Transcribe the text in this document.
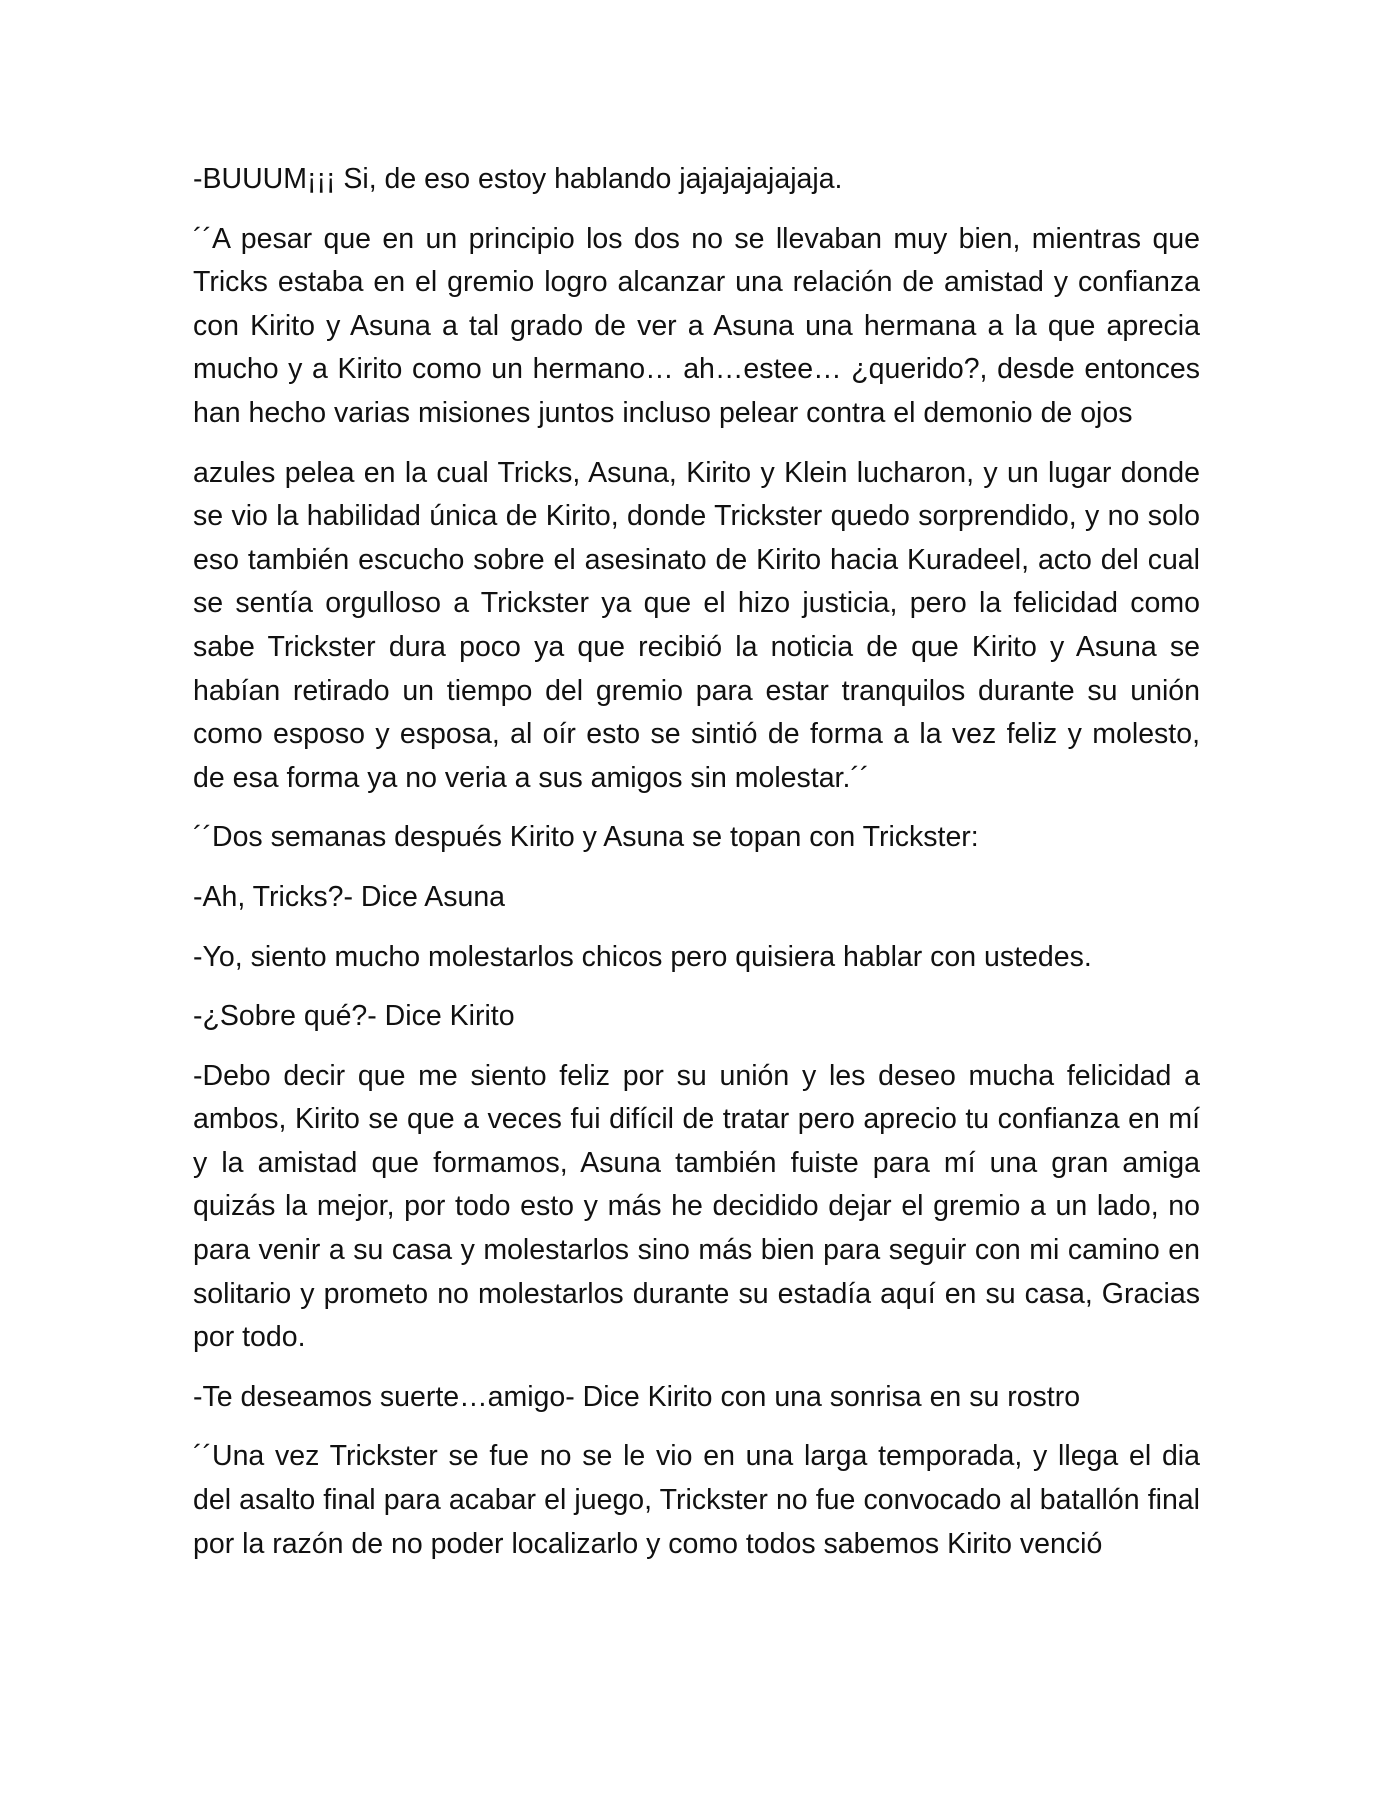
-BUUUM¡¡¡ Si, de eso estoy hablando jajajajajajaja.

´´A pesar que en un principio los dos no se llevaban muy bien, mientras que Tricks estaba en el gremio logro alcanzar una relación de amistad y confianza con Kirito y Asuna a tal grado de ver a Asuna una hermana a la que aprecia mucho y a Kirito como un hermano… ah…estee… ¿querido?, desde entonces han hecho varias misiones juntos incluso pelear contra el demonio de ojos

azules pelea en la cual Tricks, Asuna, Kirito y Klein lucharon, y un lugar donde se vio la habilidad única de Kirito, donde Trickster quedo sorprendido, y no solo eso también escucho sobre el asesinato de Kirito hacia Kuradeel, acto del cual se sentía orgulloso a Trickster ya que el hizo justicia, pero la felicidad como sabe Trickster dura poco ya que recibió la noticia de que Kirito y Asuna se habían retirado un tiempo del gremio para estar tranquilos durante su unión como esposo y esposa, al oír esto se sintió de forma a la vez feliz y molesto, de esa forma ya no veria a sus amigos sin molestar.´´

´´Dos semanas después Kirito y Asuna se topan con Trickster:

-Ah, Tricks?- Dice Asuna

-Yo, siento mucho molestarlos chicos pero quisiera hablar con ustedes.

-¿Sobre qué?- Dice Kirito

-Debo decir que me siento feliz por su unión y les deseo mucha felicidad a ambos, Kirito se que a veces fui difícil de tratar pero aprecio tu confianza en mí y la amistad que formamos, Asuna también fuiste para mí una gran amiga quizás la mejor, por todo esto y más he decidido dejar el gremio a un lado, no para venir a su casa y molestarlos sino más bien para seguir con mi camino en solitario y prometo no molestarlos durante su estadía aquí en su casa, Gracias por todo.

-Te deseamos suerte…amigo- Dice Kirito con una sonrisa en su rostro

´´Una vez Trickster se fue no se le vio en una larga temporada, y llega el dia del asalto final para acabar el juego, Trickster no fue convocado al batallón final por la razón de no poder localizarlo y como todos sabemos Kirito venció
